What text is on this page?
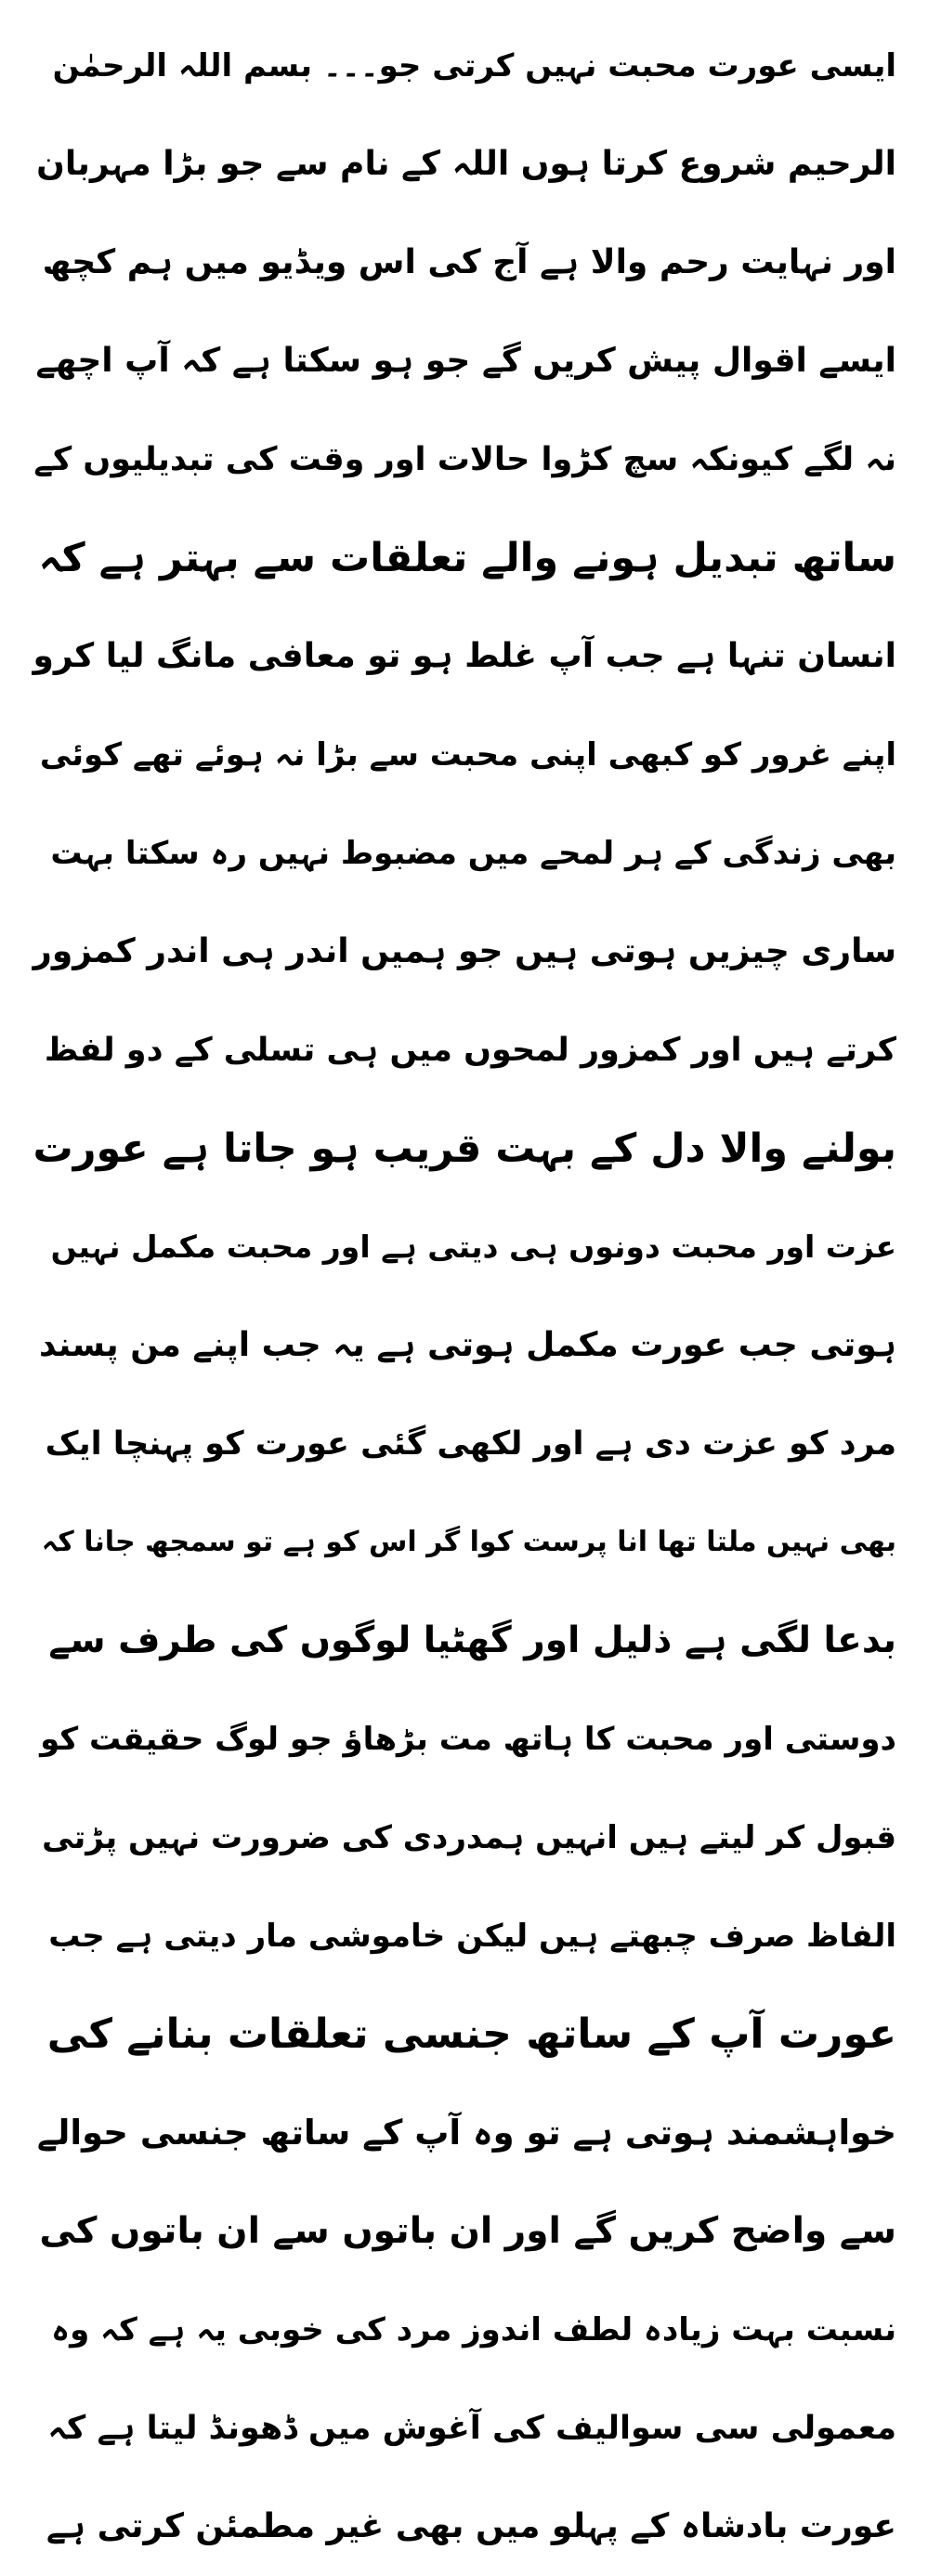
ایسی عورت محبت نہیں کرتی جو۔۔۔ بسم اللہ الرحمٰن
الرحیم شروع کرتا ہوں اللہ کے نام سے جو بڑا مہربان
اور نہایت رحم والا ہے آج کی اس ویڈیو میں ہم کچھ
ایسے اقوال پیش کریں گے جو ہو سکتا ہے کہ آپ اچھے
نہ لگے کیونکہ سچ کڑوا حالات اور وقت کی تبدیلیوں کے
ساتھ تبدیل ہونے والے تعلقات سے بہتر ہے کہ
انسان تنہا ہے جب آپ غلط ہو تو معافی مانگ لیا کرو
اپنے غرور کو کبھی اپنی محبت سے بڑا نہ ہوئے تھے کوئی
بھی زندگی کے ہر لمحے میں مضبوط نہیں رہ سکتا بہت
ساری چیزیں ہوتی ہیں جو ہمیں اندر ہی اندر کمزور
کرتے ہیں اور کمزور لمحوں میں ہی تسلی کے دو لفظ
بولنے والا دل کے بہت قریب ہو جاتا ہے عورت
عزت اور محبت دونوں ہی دیتی ہے اور محبت مکمل نہیں
ہوتی جب عورت مکمل ہوتی ہے یہ جب اپنے من پسند
مرد کو عزت دی ہے اور لکھی گئی عورت کو پہنچا ایک
بھی نہیں ملتا تھا انا پرست کوا گر اس کو ہے تو سمجھ جانا کہ
بدعا لگی ہے ذلیل اور گھٹیا لوگوں کی طرف سے
دوستی اور محبت کا ہاتھ مت بڑھاؤ جو لوگ حقیقت کو
قبول کر لیتے ہیں انہیں ہمدردی کی ضرورت نہیں پڑتی
الفاظ صرف چبھتے ہیں لیکن خاموشی مار دیتی ہے جب
عورت آپ کے ساتھ جنسی تعلقات بنانے کی
خواہشمند ہوتی ہے تو وہ آپ کے ساتھ جنسی حوالے
سے واضح کریں گے اور ان باتوں سے ان باتوں کی
نسبت بہت زیادہ لطف اندوز مرد کی خوبی یہ ہے کہ وہ
معمولی سی سوالیف کی آغوش میں ڈھونڈ لیتا ہے کہ
عورت بادشاہ کے پہلو میں بھی غیر مطمئن کرتی ہے
